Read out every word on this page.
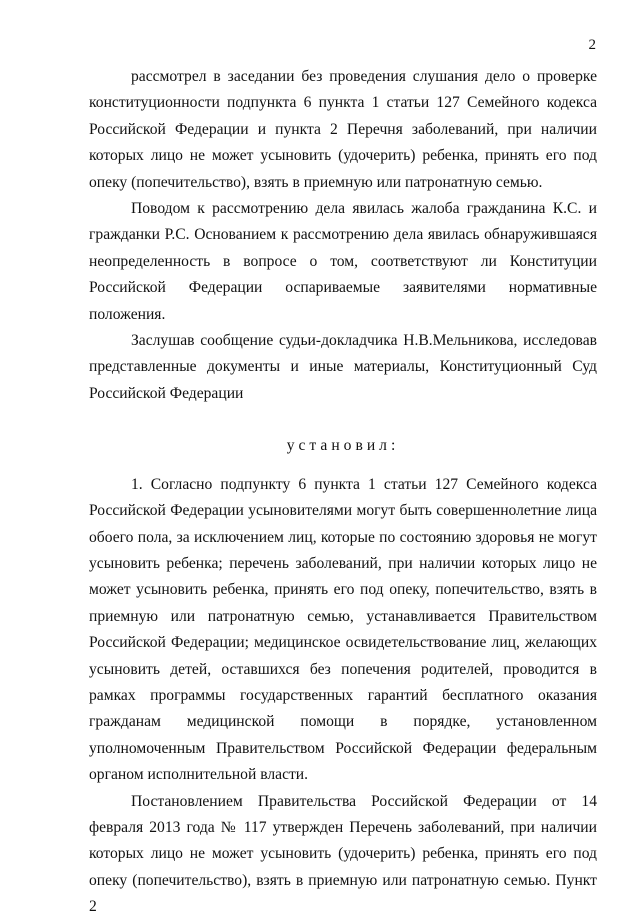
2

рассмотрел в заседании без проведения слушания дело о проверке конституционности подпункта 6 пункта 1 статьи 127 Семейного кодекса Российской Федерации и пункта 2 Перечня заболеваний, при наличии которых лицо не может усыновить (удочерить) ребенка, принять его под опеку (попечительство), взять в приемную или патронатную семью.

Поводом к рассмотрению дела явилась жалоба гражданина К.С. и гражданки Р.С. Основанием к рассмотрению дела явилась обнаружившаяся неопределенность в вопросе о том, соответствуют ли Конституции Российской Федерации оспариваемые заявителями нормативные положения.

Заслушав сообщение судьи-докладчика Н.В.Мельникова, исследовав представленные документы и иные материалы, Конституционный Суд Российской Федерации

установил:

1. Согласно подпункту 6 пункта 1 статьи 127 Семейного кодекса Российской Федерации усыновителями могут быть совершеннолетние лица обоего пола, за исключением лиц, которые по состоянию здоровья не могут усыновить ребенка; перечень заболеваний, при наличии которых лицо не может усыновить ребенка, принять его под опеку, попечительство, взять в приемную или патронатную семью, устанавливается Правительством Российской Федерации; медицинское освидетельствование лиц, желающих усыновить детей, оставшихся без попечения родителей, проводится в рамках программы государственных гарантий бесплатного оказания гражданам медицинской помощи в порядке, установленном уполномоченным Правительством Российской Федерации федеральным органом исполнительной власти.

Постановлением Правительства Российской Федерации от 14 февраля 2013 года № 117 утвержден Перечень заболеваний, при наличии которых лицо не может усыновить (удочерить) ребенка, принять его под опеку (попечительство), взять в приемную или патронатную семью. Пункт 2
